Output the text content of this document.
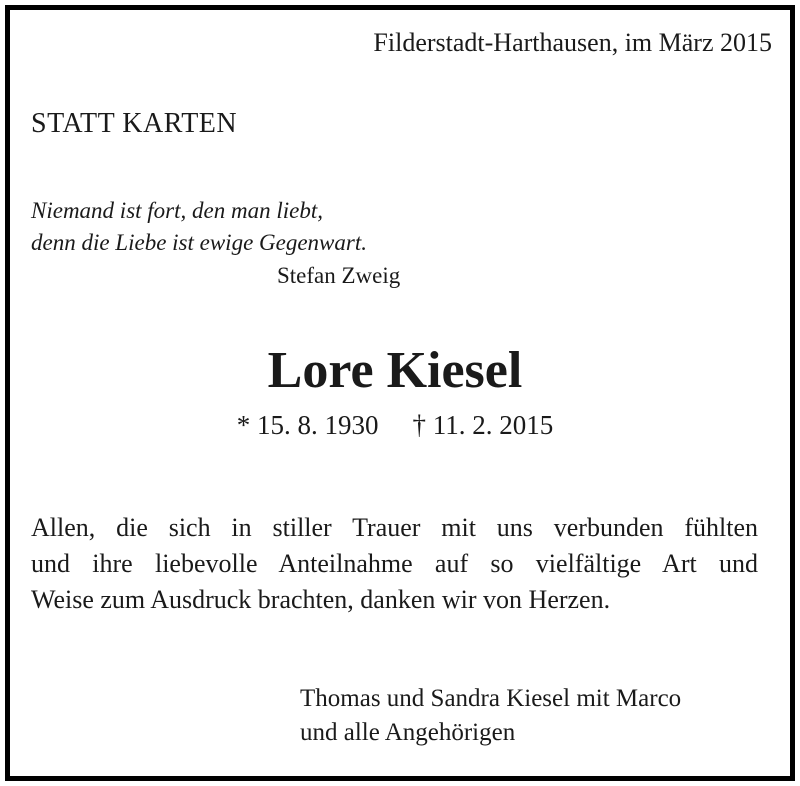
Filderstadt-Harthausen, im März 2015
STATT KARTEN
Niemand ist fort, den man liebt,
denn die Liebe ist ewige Gegenwart.
Stefan Zweig
Lore Kiesel
* 15. 8. 1930 † 11. 2. 2015
Allen, die sich in stiller Trauer mit uns verbunden fühlten
und ihre liebevolle Anteilnahme auf so vielfältige Art und
Weise zum Ausdruck brachten, danken wir von Herzen.
Thomas und Sandra Kiesel mit Marco
und alle Angehörigen
